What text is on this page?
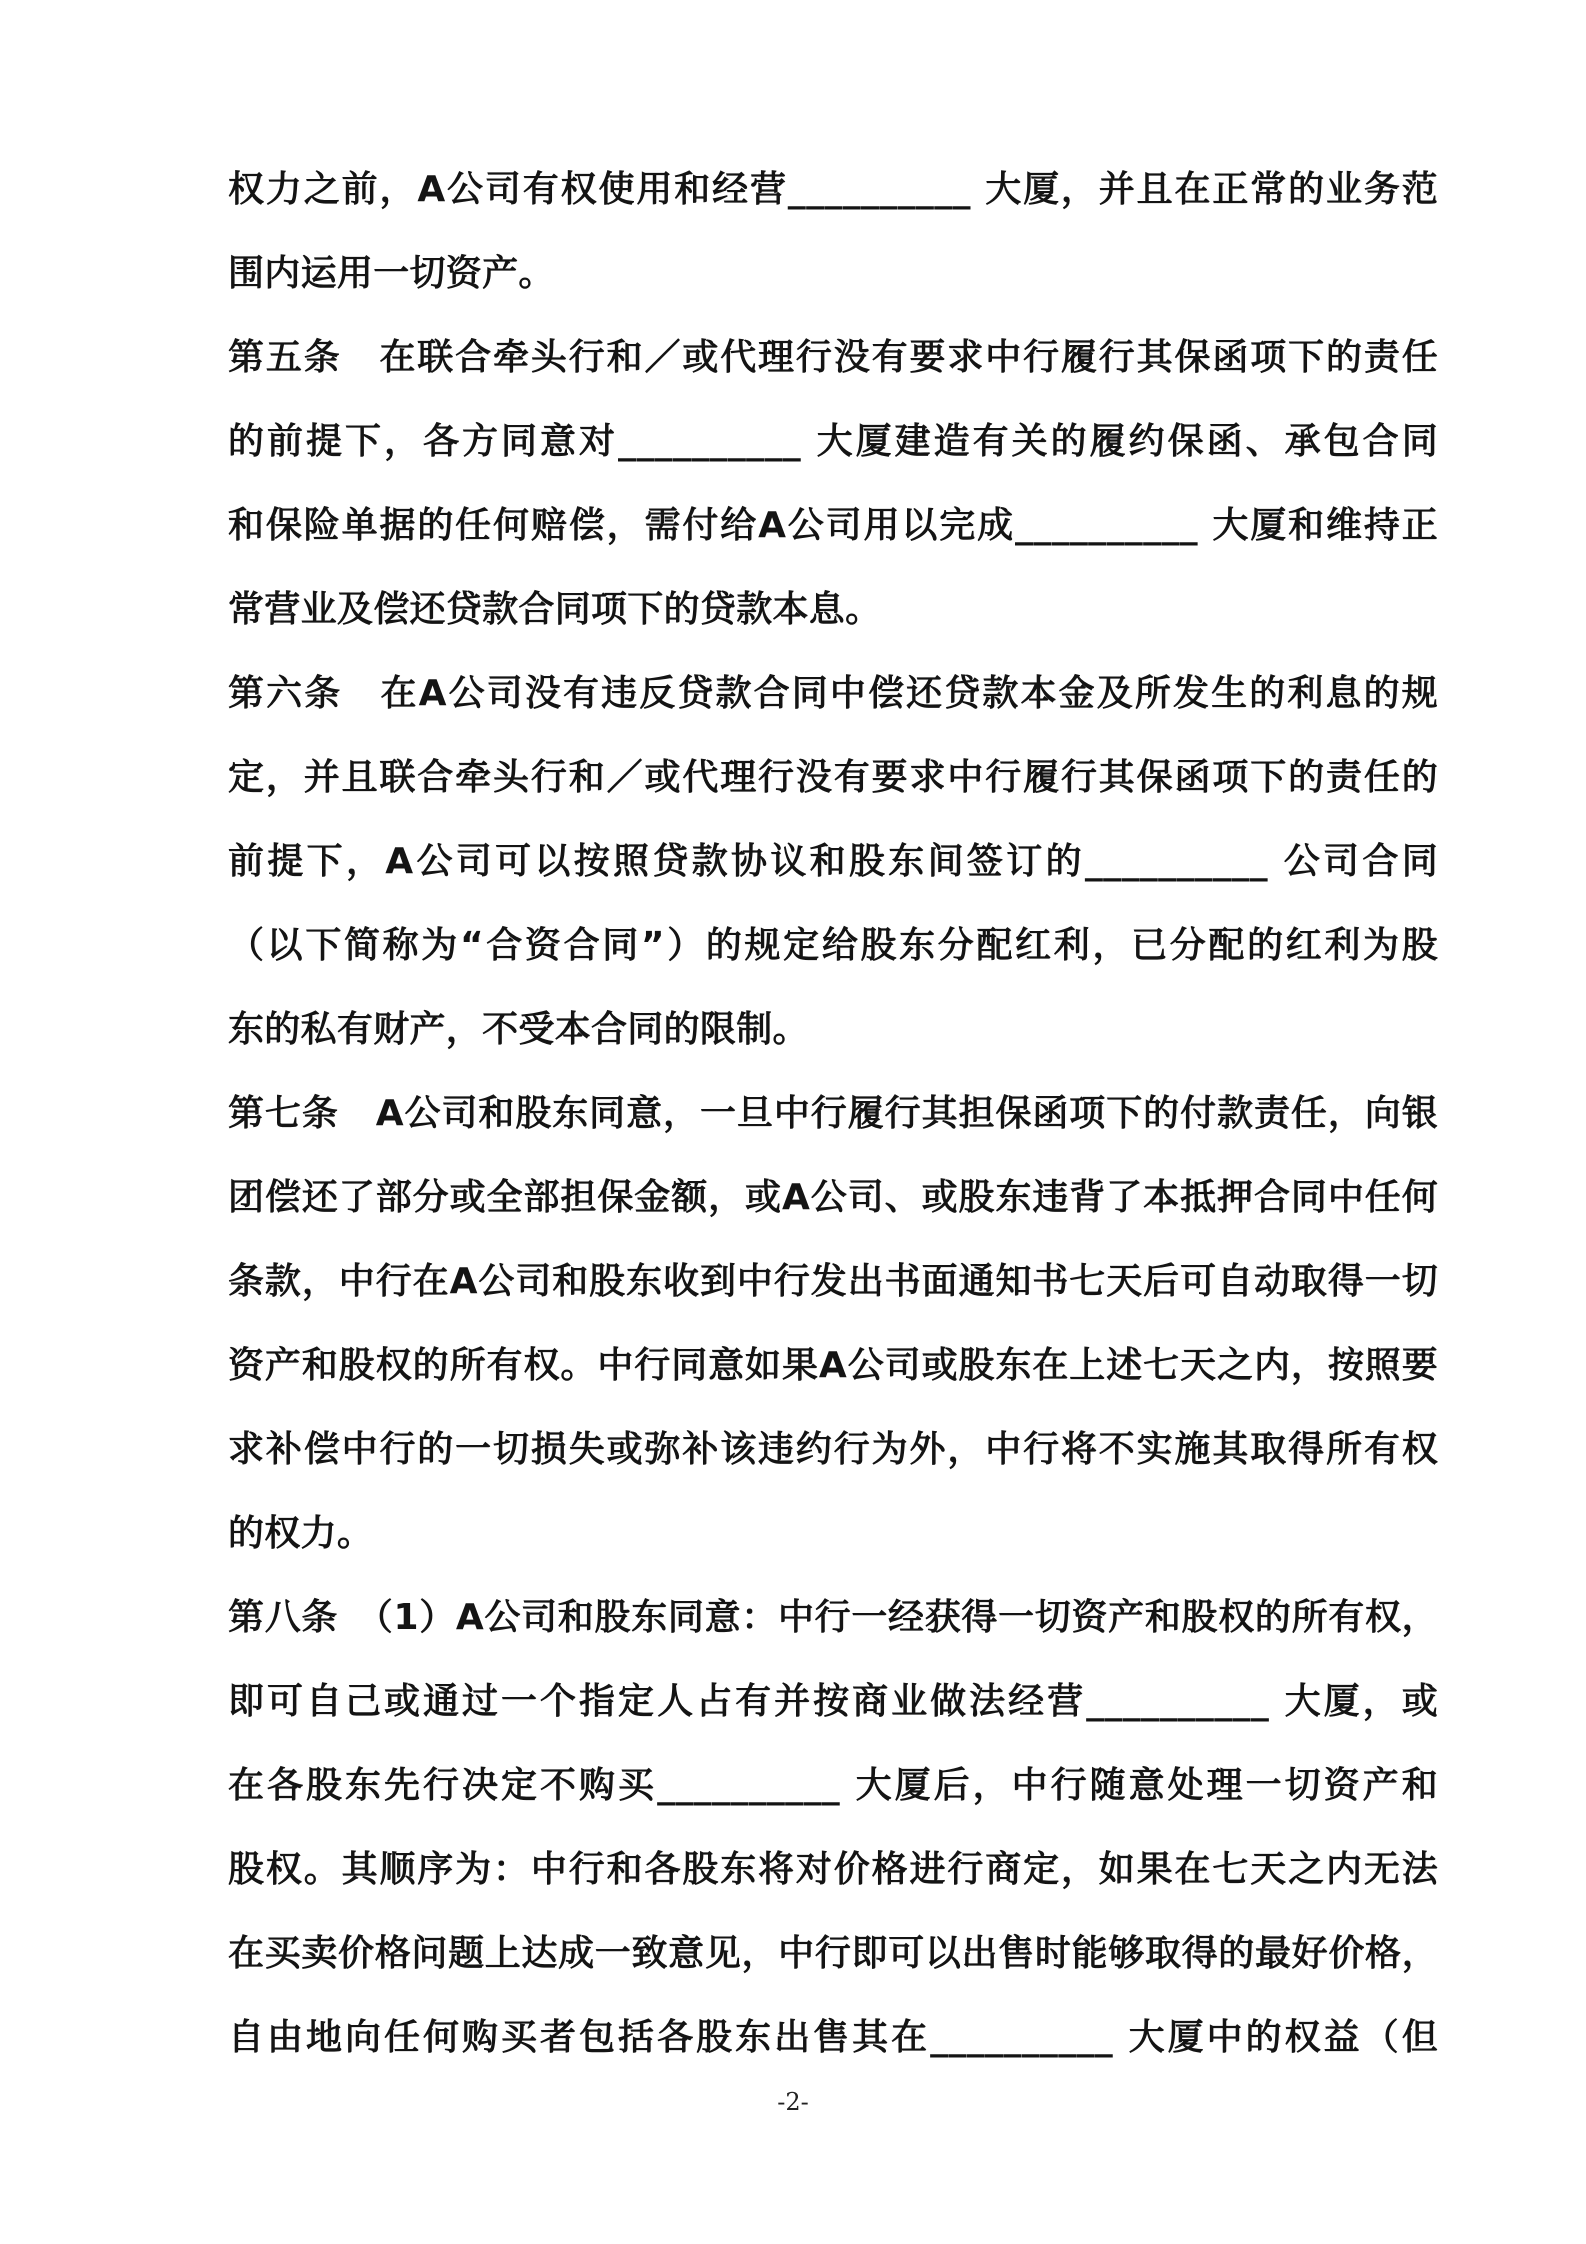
权力之前，A公司有权使用和经营__________ 大厦，并且在正常的业务范
围内运用一切资产。
第五条　在联合牵头行和／或代理行没有要求中行履行其保函项下的责任
的前提下，各方同意对__________ 大厦建造有关的履约保函、承包合同
和保险单据的任何赔偿，需付给A公司用以完成__________ 大厦和维持正
常营业及偿还贷款合同项下的贷款本息。
第六条　在A公司没有违反贷款合同中偿还贷款本金及所发生的利息的规
定，并且联合牵头行和／或代理行没有要求中行履行其保函项下的责任的
前提下，A公司可以按照贷款协议和股东间签订的__________ 公司合同
（以下简称为“合资合同”）的规定给股东分配红利，已分配的红利为股
东的私有财产，不受本合同的限制。
第七条　A公司和股东同意，一旦中行履行其担保函项下的付款责任，向银
团偿还了部分或全部担保金额，或A公司、或股东违背了本抵押合同中任何
条款，中行在A公司和股东收到中行发出书面通知书七天后可自动取得一切
资产和股权的所有权。中行同意如果A公司或股东在上述七天之内，按照要
求补偿中行的一切损失或弥补该违约行为外，中行将不实施其取得所有权
的权力。
第八条　（1）A公司和股东同意：中行一经获得一切资产和股权的所有权，
即可自己或通过一个指定人占有并按商业做法经营__________ 大厦，或
在各股东先行决定不购买__________ 大厦后，中行随意处理一切资产和
股权。其顺序为：中行和各股东将对价格进行商定，如果在七天之内无法
在买卖价格问题上达成一致意见，中行即可以出售时能够取得的最好价格，
自由地向任何购买者包括各股东出售其在__________ 大厦中的权益（但
-2-
